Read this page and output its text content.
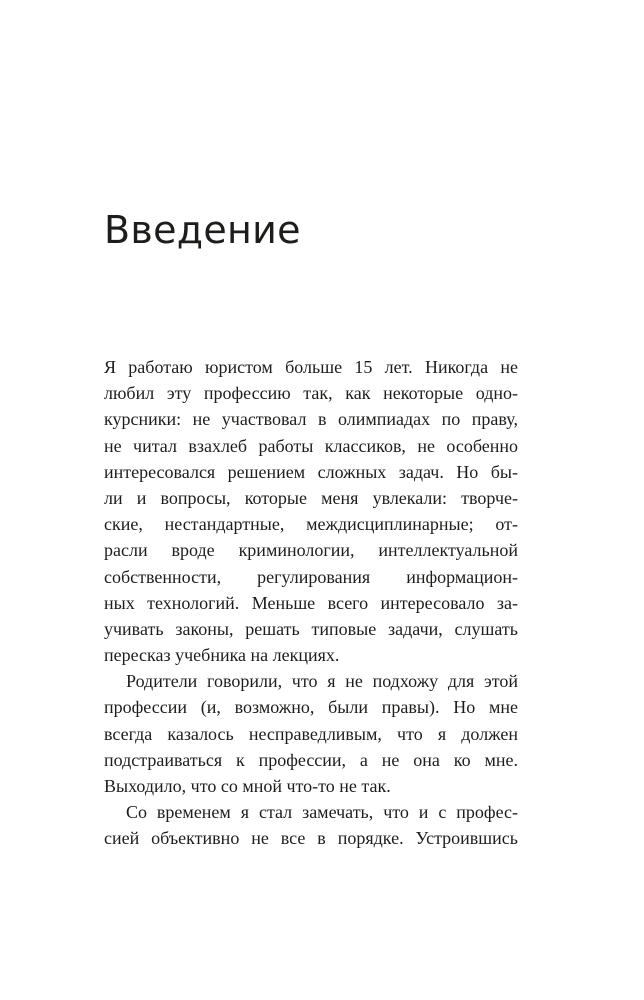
Введение
Я работаю юристом больше 15 лет. Никогда не
любил эту профессию так, как некоторые одно-
курсники: не участвовал в олимпиадах по праву,
не читал взахлеб работы классиков, не особенно
интересовался решением сложных задач. Но бы-
ли и вопросы, которые меня увлекали: творче-
ские, нестандартные, междисциплинарные; от-
расли вроде криминологии, интеллектуальной
собственности, регулирования информацион-
ных технологий. Меньше всего интересовало за-
учивать законы, решать типовые задачи, слушать
пересказ учебника на лекциях.
Родители говорили, что я не подхожу для этой
профессии (и, возможно, были правы). Но мне
всегда казалось несправедливым, что я должен
подстраиваться к профессии, а не она ко мне.
Выходило, что со мной что-то не так.
Со временем я стал замечать, что и с профес-
сией объективно не все в порядке. Устроившись
